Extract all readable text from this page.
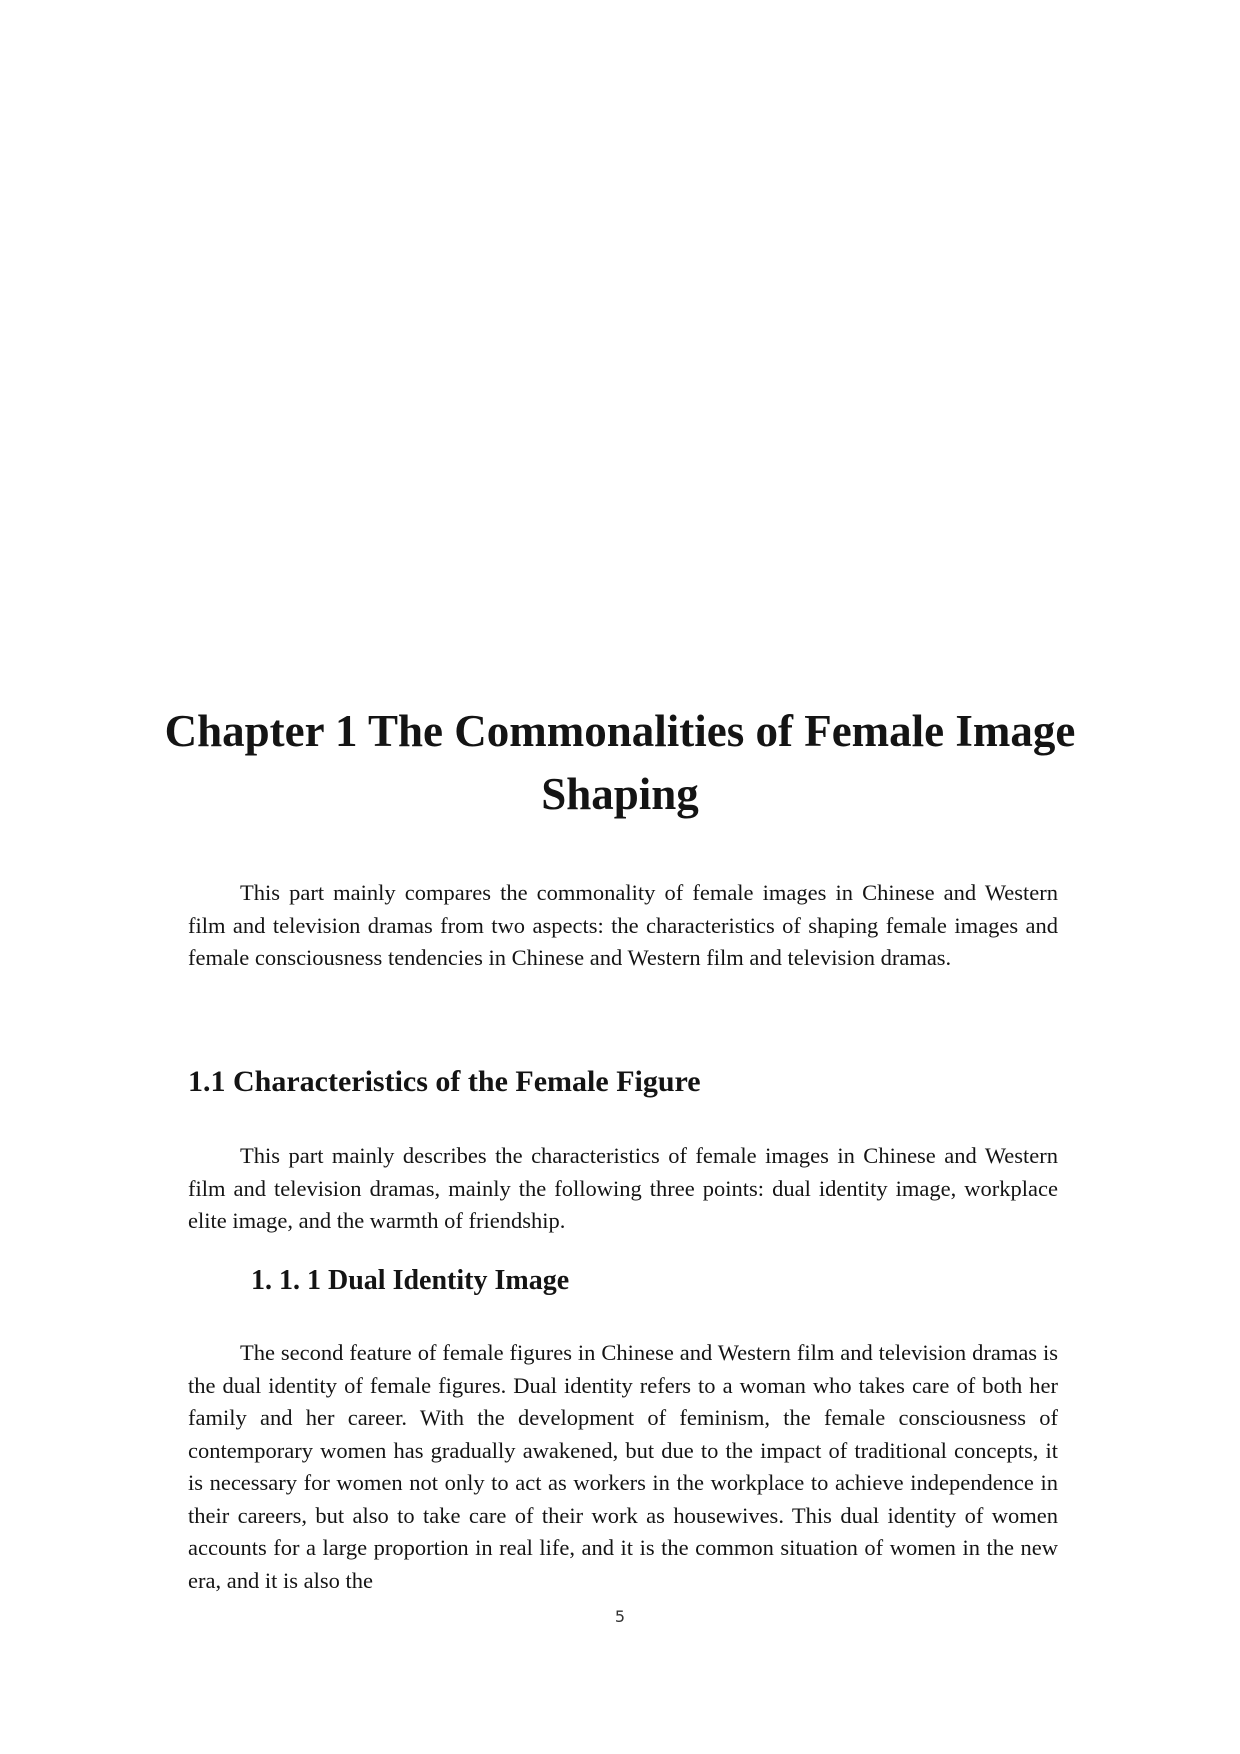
Chapter 1 The Commonalities of Female Image Shaping

This part mainly compares the commonality of female images in Chinese and Western film and television dramas from two aspects: the characteristics of shaping female images and female consciousness tendencies in Chinese and Western film and television dramas.

1.1 Characteristics of the Female Figure

This part mainly describes the characteristics of female images in Chinese and Western film and television dramas, mainly the following three points: dual identity image, workplace elite image, and the warmth of friendship.

1. 1. 1 Dual Identity Image

The second feature of female figures in Chinese and Western film and television dramas is the dual identity of female figures. Dual identity refers to a woman who takes care of both her family and her career. With the development of feminism, the female consciousness of contemporary women has gradually awakened, but due to the impact of traditional concepts, it is necessary for women not only to act as workers in the workplace to achieve independence in their careers, but also to take care of their work as housewives. This dual identity of women accounts for a large proportion in real life, and it is the common situation of women in the new era, and it is also the

5
